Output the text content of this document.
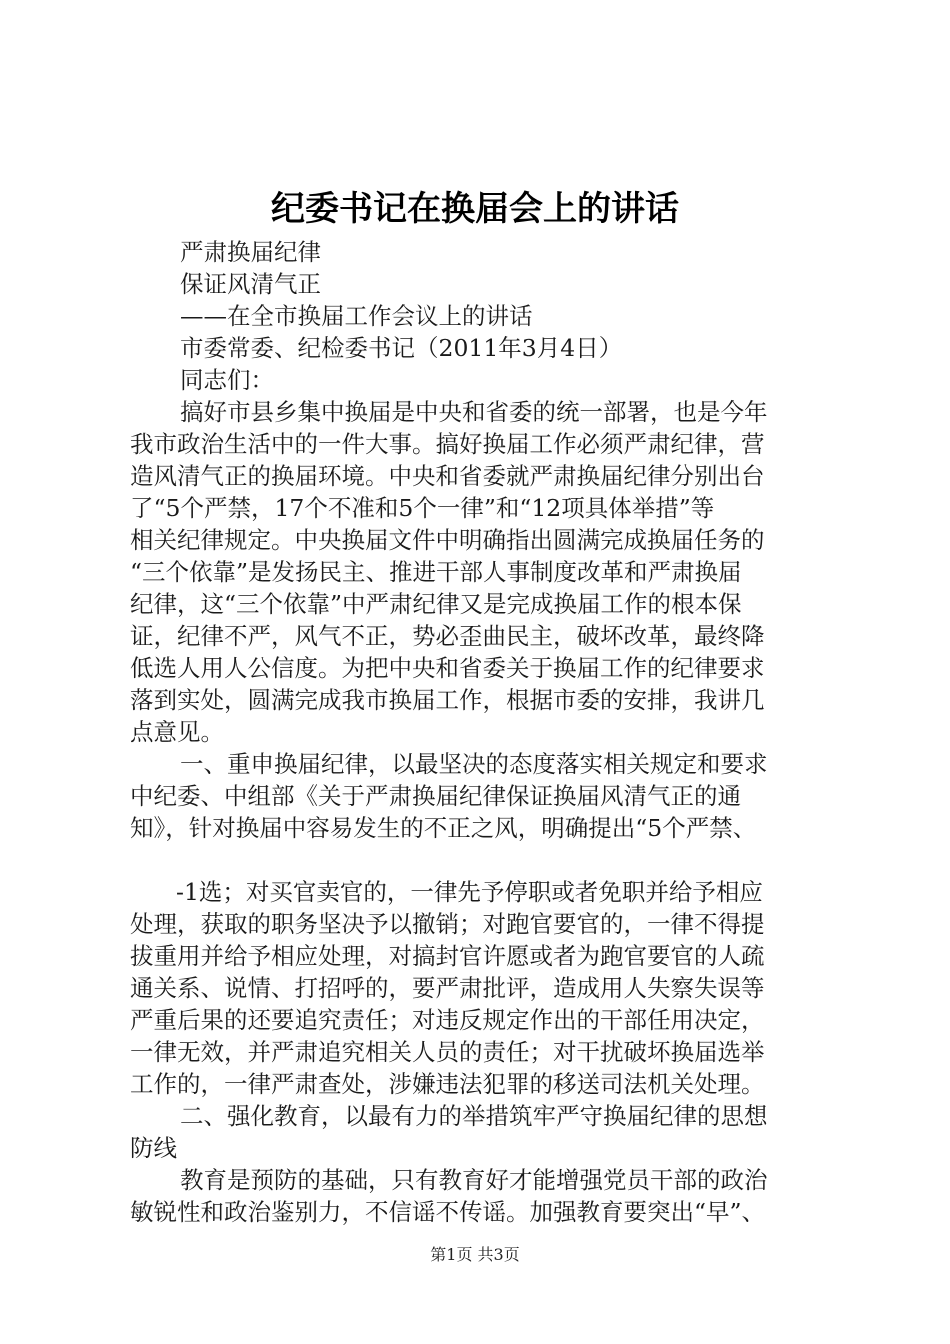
纪委书记在换届会上的讲话
严肃换届纪律
保证风清气正
——在全市换届工作会议上的讲话
市委常委、纪检委书记（2011年3月4日）
同志们：
搞好市县乡集中换届是中央和省委的统一部署，也是今年
我市政治生活中的一件大事。搞好换届工作必须严肃纪律，营
造风清气正的换届环境。中央和省委就严肃换届纪律分别出台
了“5个严禁，17个不准和5个一律”和“12项具体举措”等
相关纪律规定。中央换届文件中明确指出圆满完成换届任务的
“三个依靠”是发扬民主、推进干部人事制度改革和严肃换届
纪律，这“三个依靠”中严肃纪律又是完成换届工作的根本保
证，纪律不严，风气不正，势必歪曲民主，破坏改革，最终降
低选人用人公信度。为把中央和省委关于换届工作的纪律要求
落到实处，圆满完成我市换届工作，根据市委的安排，我讲几
点意见。
一、重申换届纪律，以最坚决的态度落实相关规定和要求
中纪委、中组部《关于严肃换届纪律保证换届风清气正的通
知》，针对换届中容易发生的不正之风，明确提出“5个严禁、
-1选；对买官卖官的，一律先予停职或者免职并给予相应
处理，获取的职务坚决予以撤销；对跑官要官的，一律不得提
拔重用并给予相应处理，对搞封官许愿或者为跑官要官的人疏
通关系、说情、打招呼的，要严肃批评，造成用人失察失误等
严重后果的还要追究责任；对违反规定作出的干部任用决定，
一律无效，并严肃追究相关人员的责任；对干扰破坏换届选举
工作的，一律严肃查处，涉嫌违法犯罪的移送司法机关处理。
二、强化教育，以最有力的举措筑牢严守换届纪律的思想
防线
教育是预防的基础，只有教育好才能增强党员干部的政治
敏锐性和政治鉴别力，不信谣不传谣。加强教育要突出“早”、
第1页 共3页
